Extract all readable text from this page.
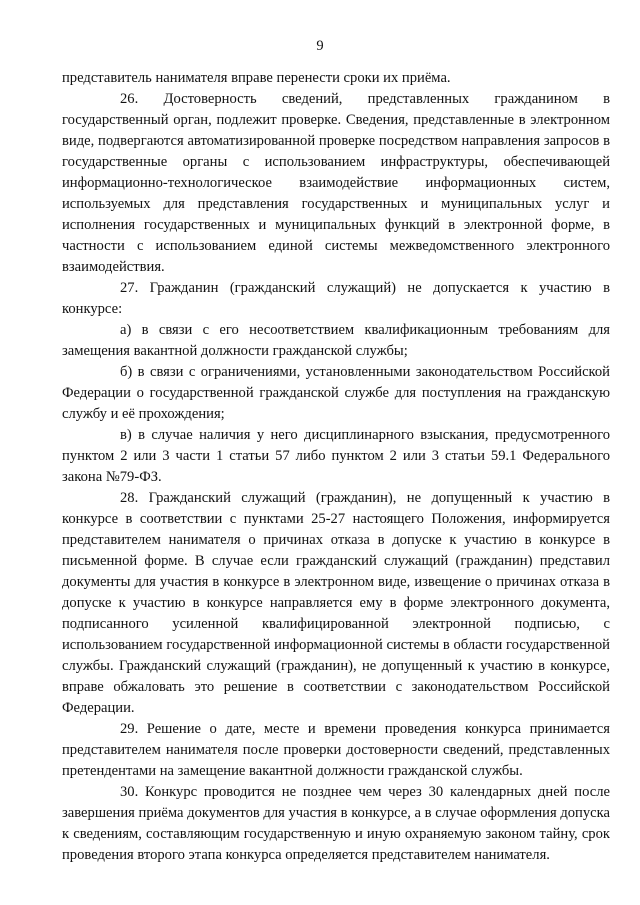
9

представитель нанимателя вправе перенести сроки их приёма.

26. Достоверность сведений, представленных гражданином в государственный орган, подлежит проверке. Сведения, представленные в электронном виде, подвергаются автоматизированной проверке посредством направления запросов в государственные органы с использованием инфраструктуры, обеспечивающей информационно-технологическое взаимодействие информационных систем, используемых для представления государственных и муниципальных услуг и исполнения государственных и муниципальных функций в электронной форме, в частности с использованием единой системы межведомственного электронного взаимодействия.

27. Гражданин (гражданский служащий) не допускается к участию в конкурсе:

а) в связи с его несоответствием квалификационным требованиям для замещения вакантной должности гражданской службы;

б) в связи с ограничениями, установленными законодательством Российской Федерации о государственной гражданской службе для поступления на гражданскую службу и её прохождения;

в) в случае наличия у него дисциплинарного взыскания, предусмотренного пунктом 2 или 3 части 1 статьи 57 либо пунктом 2 или 3 статьи 59.1 Федерального закона №79-ФЗ.

28. Гражданский служащий (гражданин), не допущенный к участию в конкурсе в соответствии с пунктами 25-27 настоящего Положения, информируется представителем нанимателя о причинах отказа в допуске к участию в конкурсе в письменной форме. В случае если гражданский служащий (гражданин) представил документы для участия в конкурсе в электронном виде, извещение о причинах отказа в допуске к участию в конкурсе направляется ему в форме электронного документа, подписанного усиленной квалифицированной электронной подписью, с использованием государственной информационной системы в области государственной службы. Гражданский служащий (гражданин), не допущенный к участию в конкурсе, вправе обжаловать это решение в соответствии с законодательством Российской Федерации.

29. Решение о дате, месте и времени проведения конкурса принимается представителем нанимателя после проверки достоверности сведений, представленных претендентами на замещение вакантной должности гражданской службы.

30. Конкурс проводится не позднее чем через 30 календарных дней после завершения приёма документов для участия в конкурсе, а в случае оформления допуска к сведениям, составляющим государственную и иную охраняемую законом тайну, срок проведения второго этапа конкурса определяется представителем нанимателя.
